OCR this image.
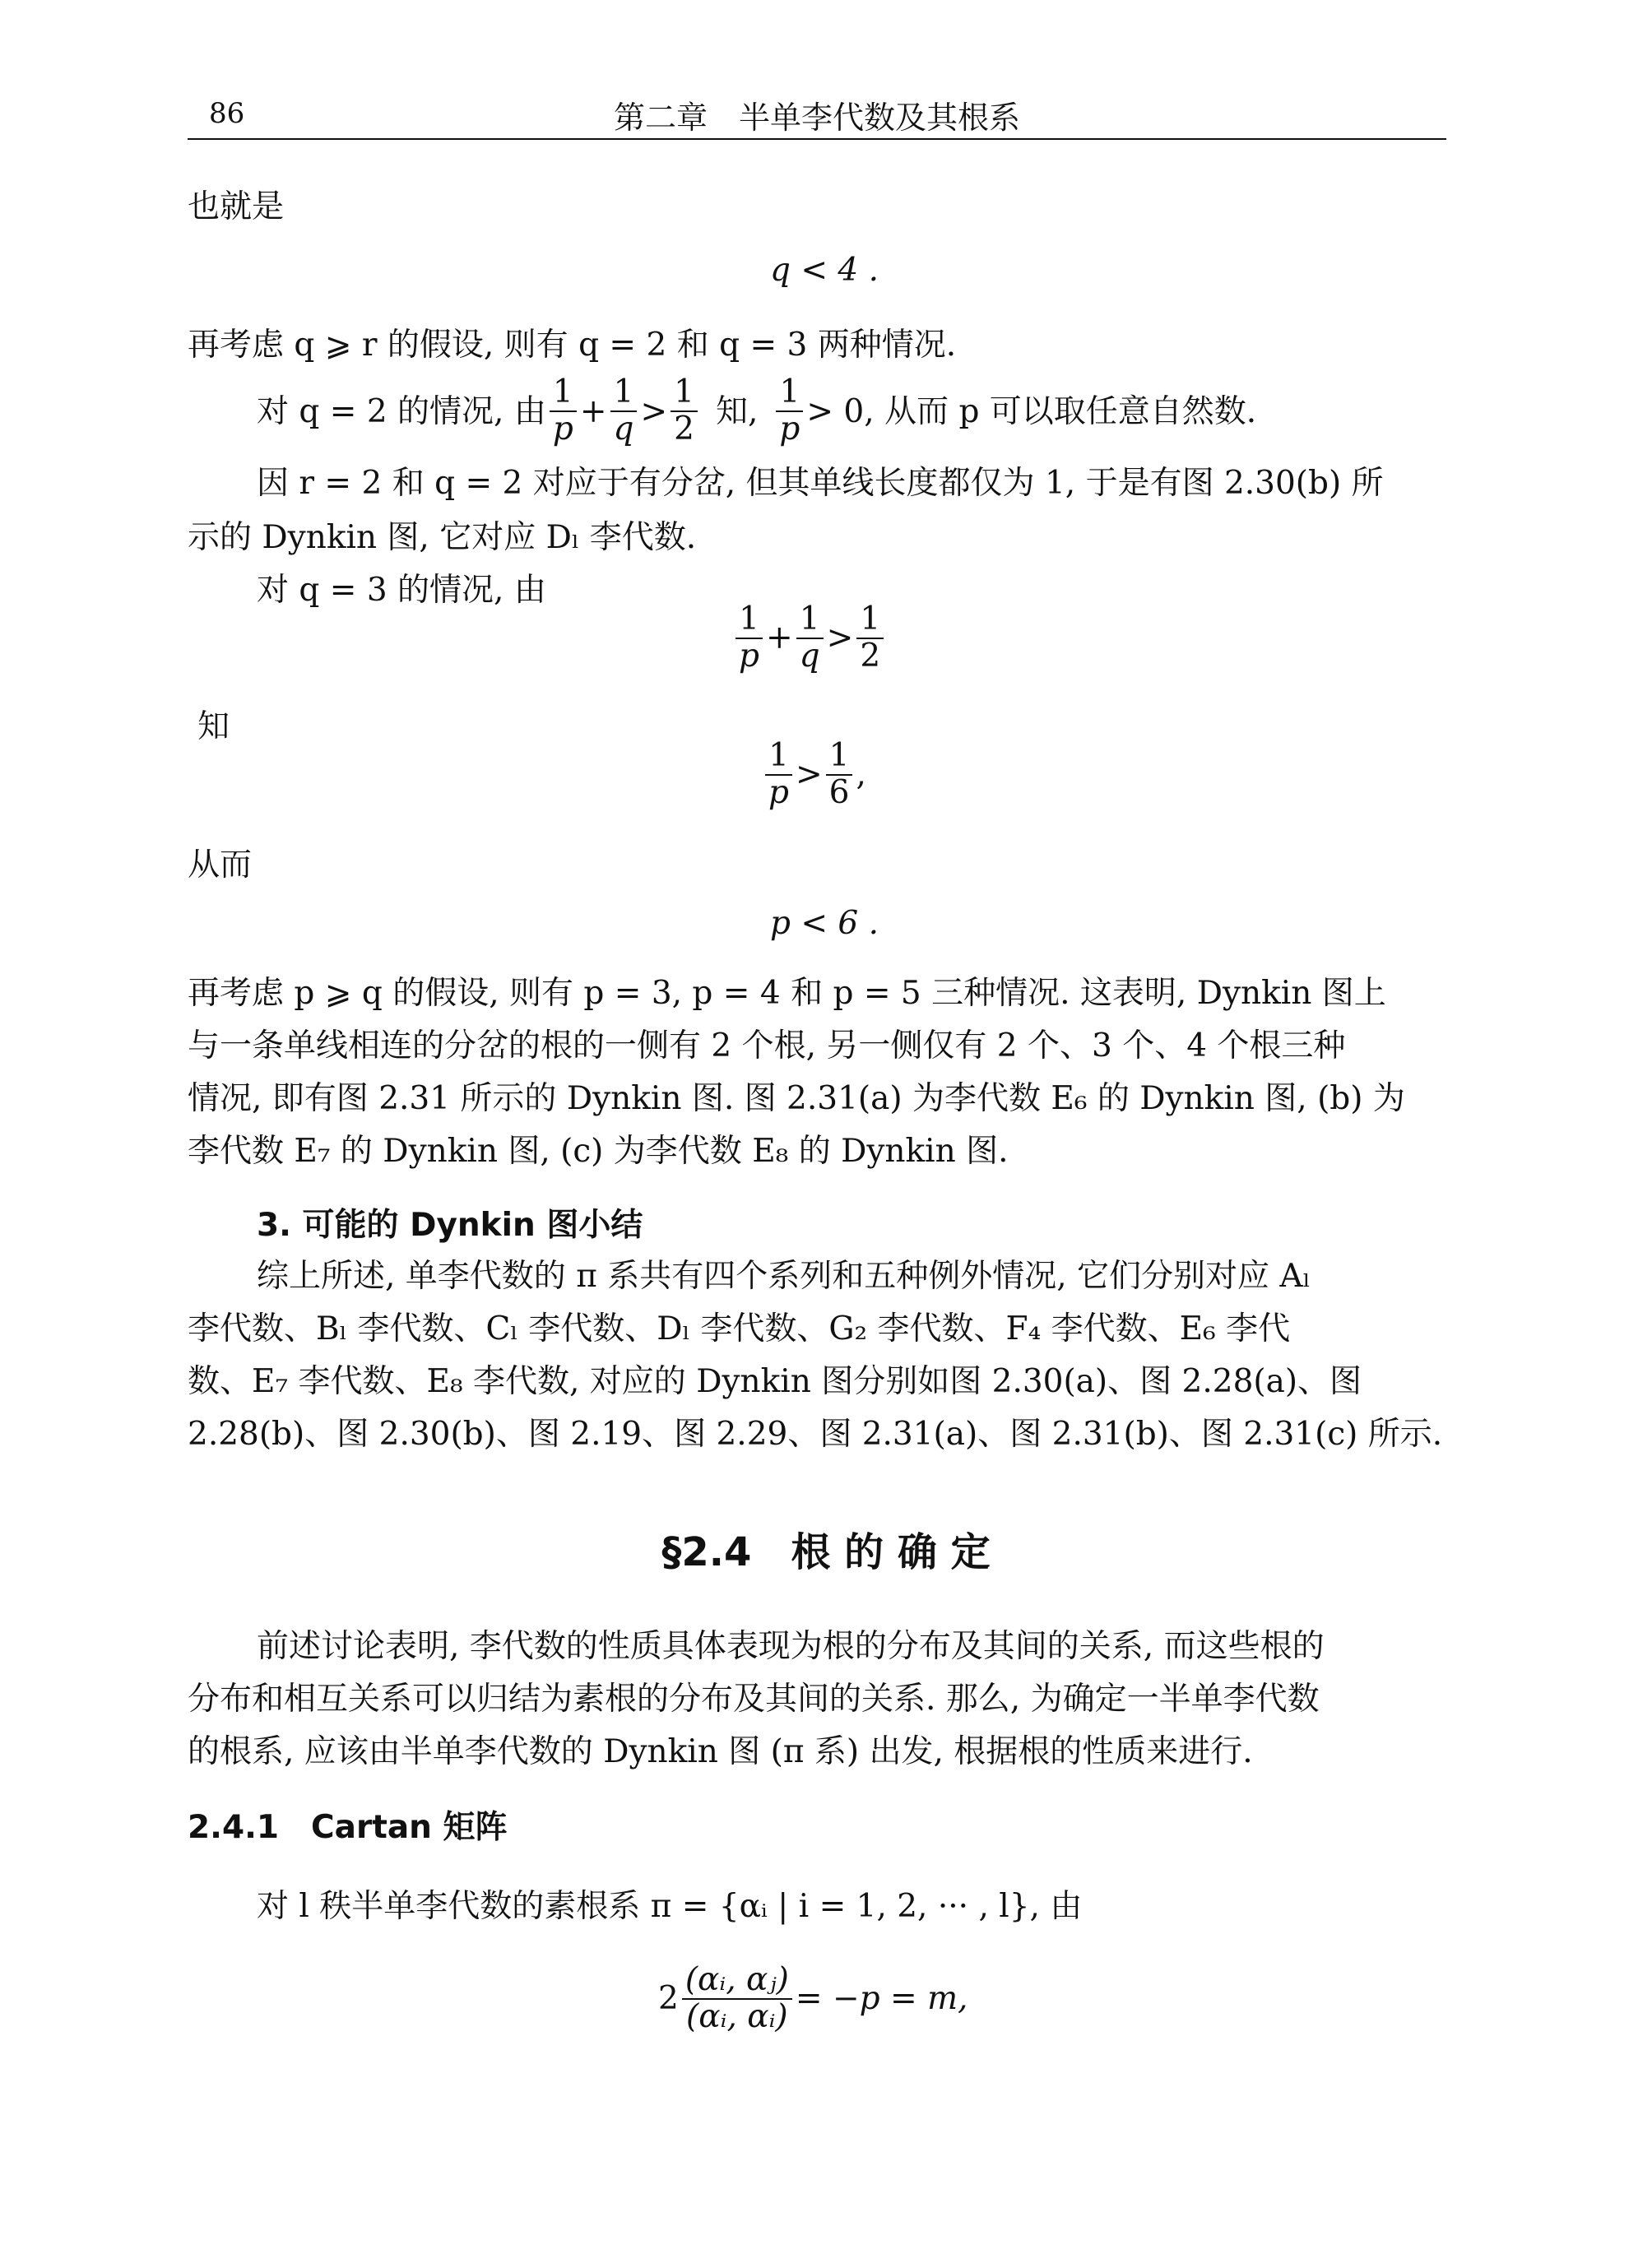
86	第二章　半单李代数及其根系
也就是
q < 4 .
再考虑 q ⩾ r 的假设, 则有 q = 2 和 q = 3 两种情况.
对 q = 2 的情况, 由 $\frac{1}{p} + \frac{1}{q} > \frac{1}{2}$ 知, $\frac{1}{p} > 0$, 从而 p 可以取任意自然数.
因 r = 2 和 q = 2 对应于有分岔, 但其单线长度都仅为 1, 于是有图 2.30(b) 所
示的 Dynkin 图, 它对应 Dₗ 李代数.
对 q = 3 的情况, 由
$\frac{1}{p} + \frac{1}{q} > \frac{1}{2}$
知
$\frac{1}{p} > \frac{1}{6}$ ,
从而
p < 6 .
再考虑 p ⩾ q 的假设, 则有 p = 3, p = 4 和 p = 5 三种情况. 这表明, Dynkin 图上
与一条单线相连的分岔的根的一侧有 2 个根, 另一侧仅有 2 个、3 个、4 个根三种
情况, 即有图 2.31 所示的 Dynkin 图. 图 2.31(a) 为李代数 E₆ 的 Dynkin 图, (b) 为
李代数 E₇ 的 Dynkin 图, (c) 为李代数 E₈ 的 Dynkin 图.
3. 可能的 Dynkin 图小结
综上所述, 单李代数的 π 系共有四个系列和五种例外情况, 它们分别对应 Aₗ
李代数、Bₗ 李代数、Cₗ 李代数、Dₗ 李代数、G₂ 李代数、F₄ 李代数、E₆ 李代
数、E₇ 李代数、E₈ 李代数, 对应的 Dynkin 图分别如图 2.30(a)、图 2.28(a)、图
2.28(b)、图 2.30(b)、图 2.19、图 2.29、图 2.31(a)、图 2.31(b)、图 2.31(c) 所示.
§2.4　根 的 确 定
前述讨论表明, 李代数的性质具体表现为根的分布及其间的关系, 而这些根的
分布和相互关系可以归结为素根的分布及其间的关系. 那么, 为确定一半单李代数
的根系, 应该由半单李代数的 Dynkin 图 (π 系) 出发, 根据根的性质来进行.
2.4.1　Cartan 矩阵
对 l 秩半单李代数的素根系 π = {αᵢ | i = 1, 2, ··· , l}, 由
$2 \frac{\text{(αᵢ, αⱼ)}}{\text{(αᵢ, αᵢ)}} = -p = m$,
